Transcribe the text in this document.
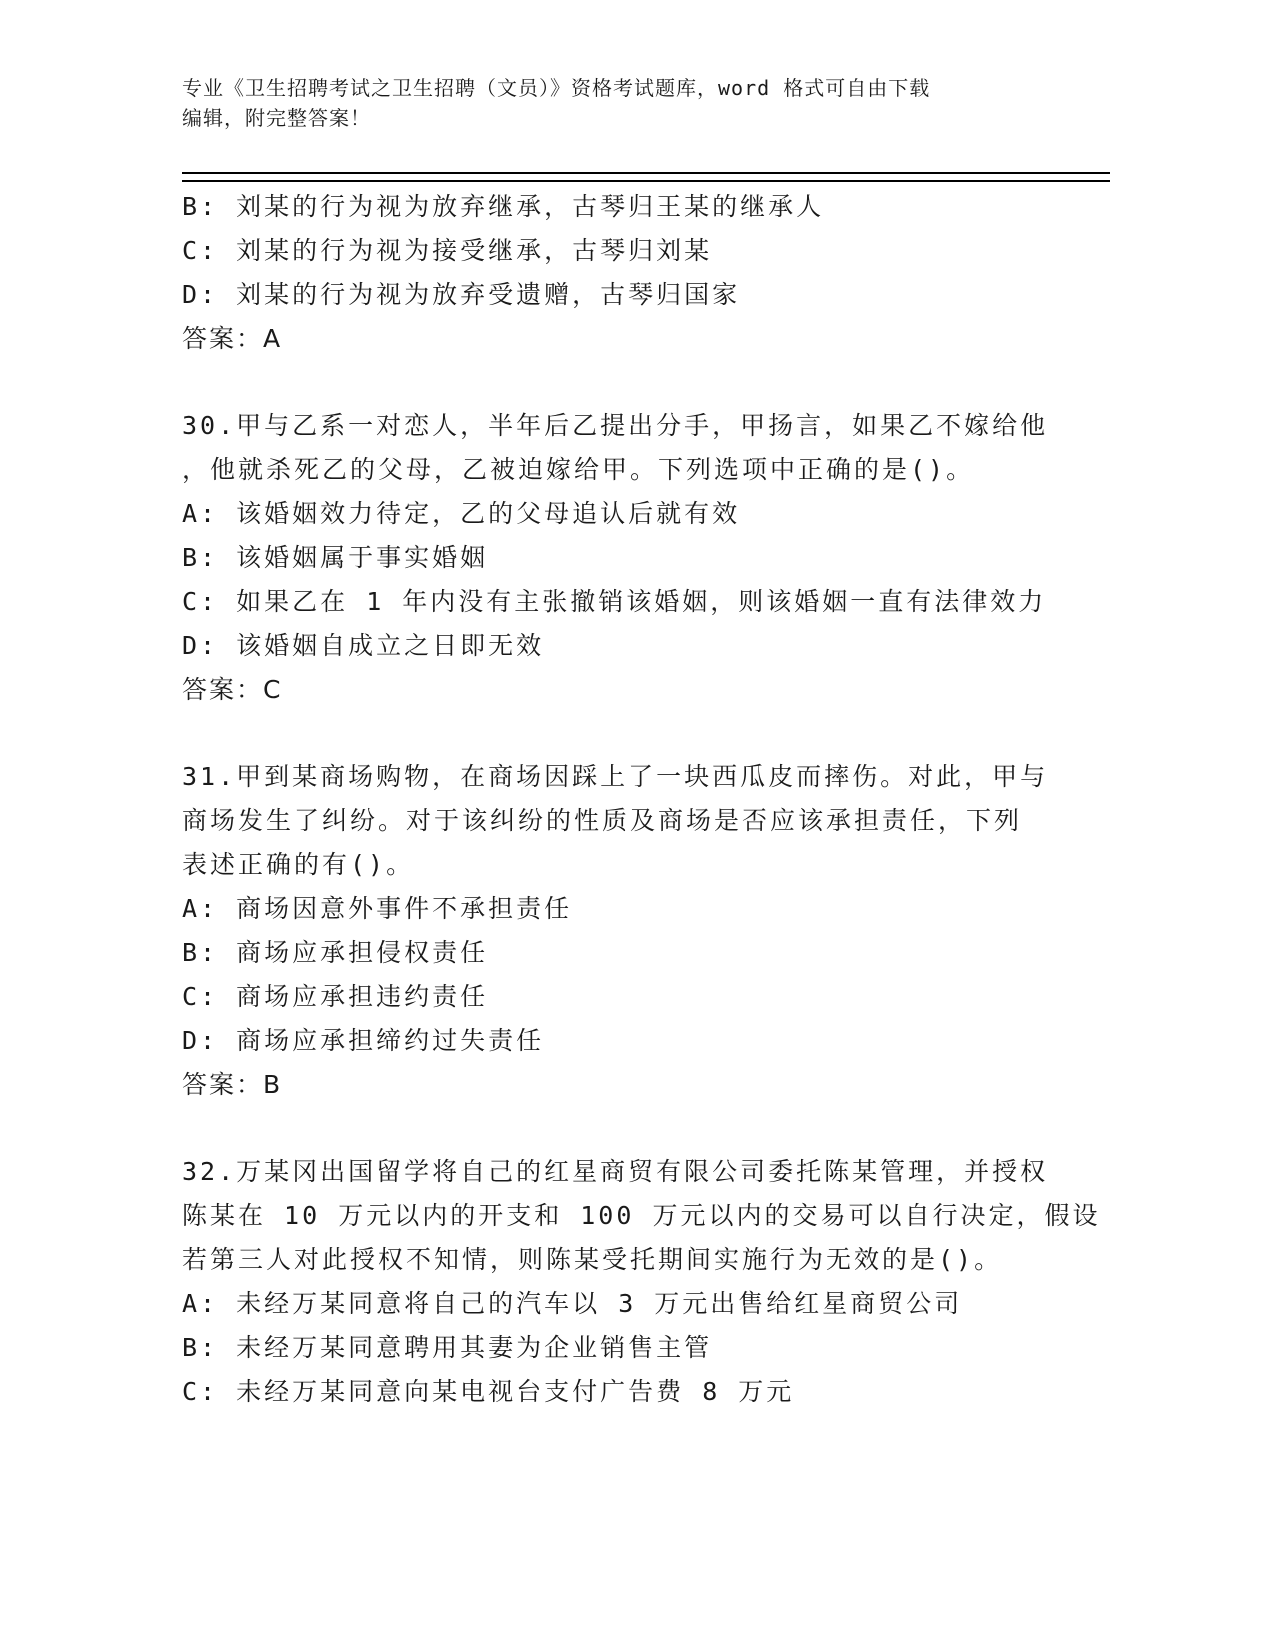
专业《卫生招聘考试之卫生招聘（文员）》资格考试题库，word 格式可自由下载
编辑，附完整答案！
B: 刘某的行为视为放弃继承，古琴归王某的继承人
C: 刘某的行为视为接受继承，古琴归刘某
D: 刘某的行为视为放弃受遗赠，古琴归国家
答案：A
30.甲与乙系一对恋人，半年后乙提出分手，甲扬言，如果乙不嫁给他
，他就杀死乙的父母，乙被迫嫁给甲。下列选项中正确的是()。
A: 该婚姻效力待定，乙的父母追认后就有效
B: 该婚姻属于事实婚姻
C: 如果乙在 1 年内没有主张撤销该婚姻，则该婚姻一直有法律效力
D: 该婚姻自成立之日即无效
答案：C
31.甲到某商场购物，在商场因踩上了一块西瓜皮而摔伤。对此，甲与
商场发生了纠纷。对于该纠纷的性质及商场是否应该承担责任，下列
表述正确的有()。
A: 商场因意外事件不承担责任
B: 商场应承担侵权责任
C: 商场应承担违约责任
D: 商场应承担缔约过失责任
答案：B
32.万某冈出国留学将自己的红星商贸有限公司委托陈某管理，并授权
陈某在 10 万元以内的开支和 100 万元以内的交易可以自行决定，假设
若第三人对此授权不知情，则陈某受托期间实施行为无效的是()。
A: 未经万某同意将自己的汽车以 3 万元出售给红星商贸公司
B: 未经万某同意聘用其妻为企业销售主管
C: 未经万某同意向某电视台支付广告费 8 万元
